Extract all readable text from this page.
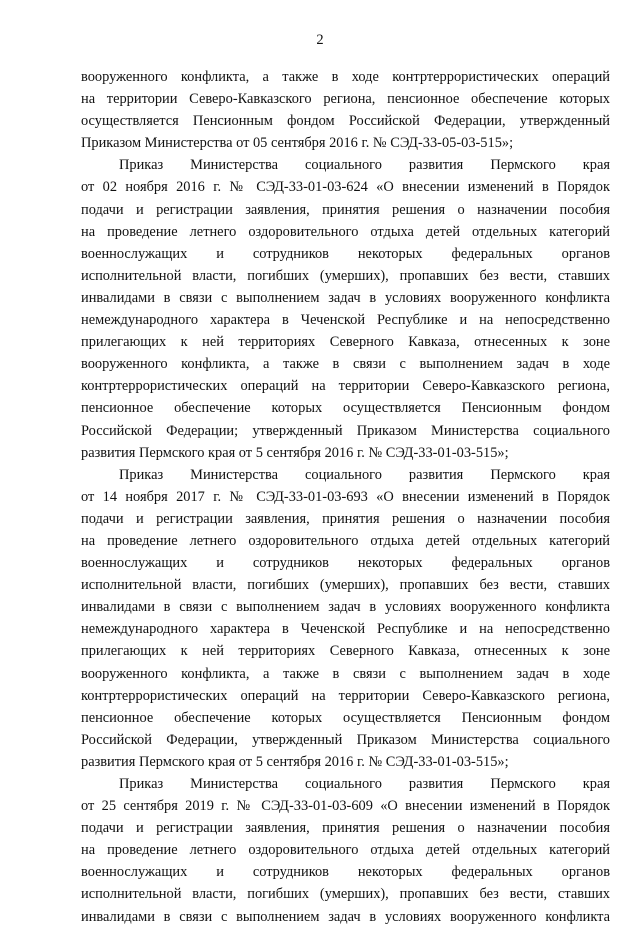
2

вооруженного конфликта, а также в ходе контртеррористических операций
на территории Северо-Кавказского региона, пенсионное обеспечение которых
осуществляется Пенсионным фондом Российской Федерации, утвержденный
Приказом Министерства от 05 сентября 2016 г. № СЭД-33-05-03-515»;

Приказ Министерства социального развития Пермского края
от 02 ноября 2016 г. № СЭД-33-01-03-624 «О внесении изменений в Порядок
подачи и регистрации заявления, принятия решения о назначении пособия
на проведение летнего оздоровительного отдыха детей отдельных категорий
военнослужащих и сотрудников некоторых федеральных органов
исполнительной власти, погибших (умерших), пропавших без вести, ставших
инвалидами в связи с выполнением задач в условиях вооруженного конфликта
немеждународного характера в Чеченской Республике и на непосредственно
прилегающих к ней территориях Северного Кавказа, отнесенных к зоне
вооруженного конфликта, а также в связи с выполнением задач в ходе
контртеррористических операций на территории Северо-Кавказского региона,
пенсионное обеспечение которых осуществляется Пенсионным фондом
Российской Федерации; утвержденный Приказом Министерства социального
развития Пермского края от 5 сентября 2016 г. № СЭД-33-01-03-515»;

Приказ Министерства социального развития Пермского края
от 14 ноября 2017 г. № СЭД-33-01-03-693 «О внесении изменений в Порядок
подачи и регистрации заявления, принятия решения о назначении пособия
на проведение летнего оздоровительного отдыха детей отдельных категорий
военнослужащих и сотрудников некоторых федеральных органов
исполнительной власти, погибших (умерших), пропавших без вести, ставших
инвалидами в связи с выполнением задач в условиях вооруженного конфликта
немеждународного характера в Чеченской Республике и на непосредственно
прилегающих к ней территориях Северного Кавказа, отнесенных к зоне
вооруженного конфликта, а также в связи с выполнением задач в ходе
контртеррористических операций на территории Северо-Кавказского региона,
пенсионное обеспечение которых осуществляется Пенсионным фондом
Российской Федерации, утвержденный Приказом Министерства социального
развития Пермского края от 5 сентября 2016 г. № СЭД-33-01-03-515»;

Приказ Министерства социального развития Пермского края
от 25 сентября 2019 г. № СЭД-33-01-03-609 «О внесении изменений в Порядок
подачи и регистрации заявления, принятия решения о назначении пособия
на проведение летнего оздоровительного отдыха детей отдельных категорий
военнослужащих и сотрудников некоторых федеральных органов
исполнительной власти, погибших (умерших), пропавших без вести, ставших
инвалидами в связи с выполнением задач в условиях вооруженного конфликта
